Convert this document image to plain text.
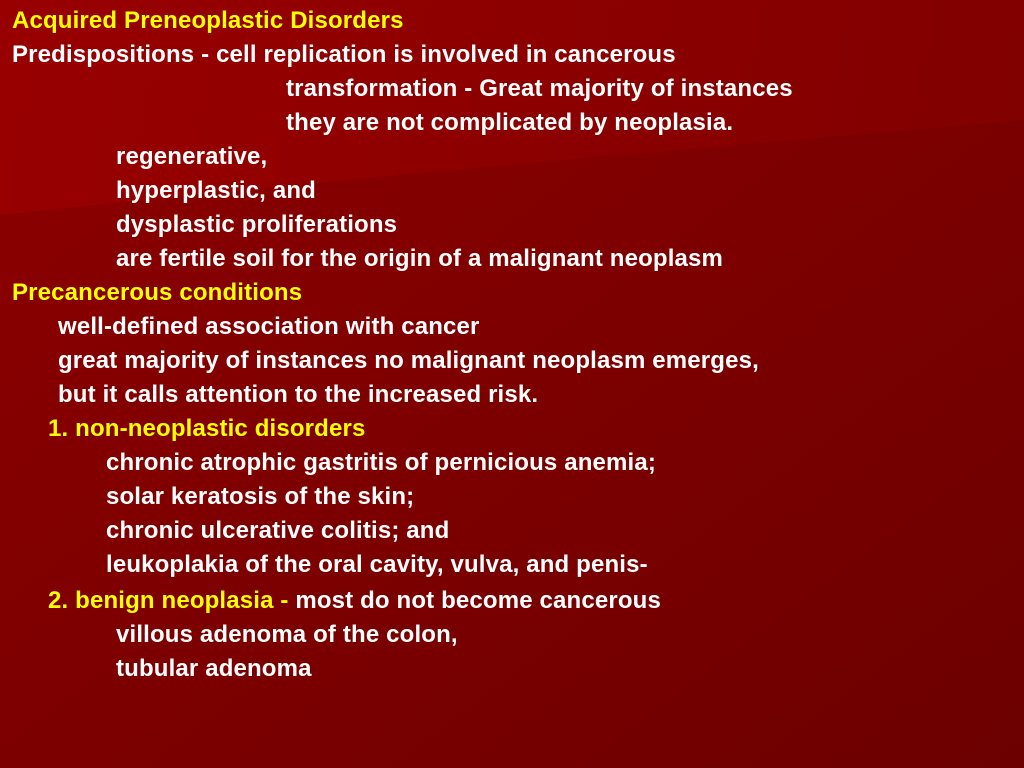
Acquired Preneoplastic Disorders
Predispositions - cell replication is involved in cancerous
transformation - Great majority of instances
they are not complicated by neoplasia.
regenerative,
hyperplastic, and
dysplastic proliferations
are fertile soil for the origin of a malignant neoplasm
Precancerous conditions
well-defined association with cancer
great majority of instances no malignant neoplasm emerges,
but it calls attention to the increased risk.
1. non-neoplastic disorders
chronic atrophic gastritis of pernicious anemia;
solar keratosis of the skin;
chronic ulcerative colitis; and
leukoplakia of the oral cavity, vulva, and penis-
2. benign neoplasia - most do not become cancerous
villous adenoma of the colon,
tubular adenoma
